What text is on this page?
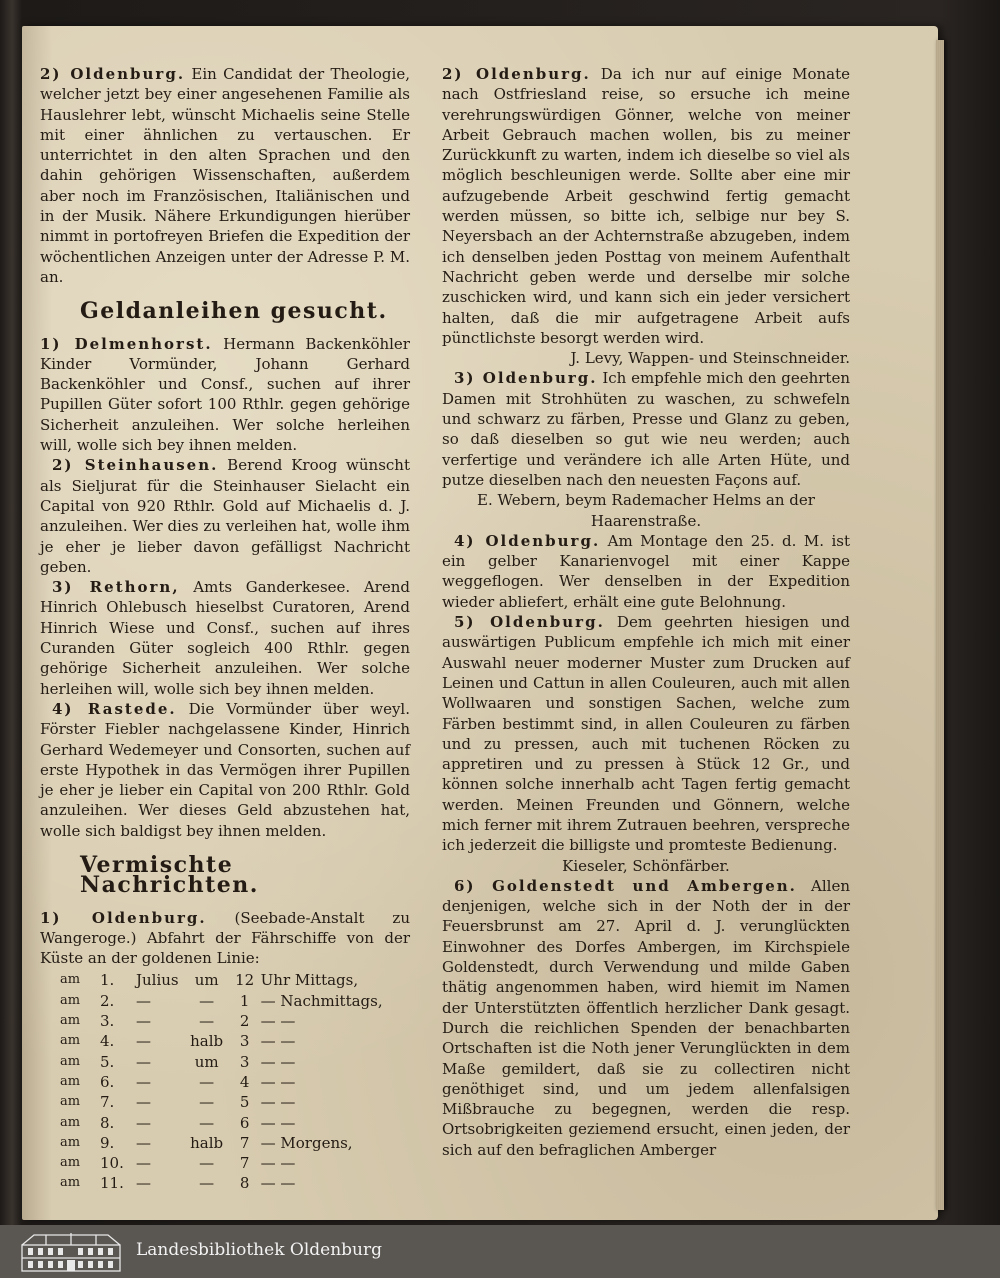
2) Oldenburg. Ein Candidat der Theologie, welcher jetzt bey einer angesehenen Familie als Hauslehrer lebt, wünscht Michaelis seine Stelle mit einer ähnlichen zu vertauschen. Er unterrichtet in den alten Sprachen und den dahin gehörigen Wissenschaften, außerdem aber noch im Französischen, Italiänischen und in der Musik. Nähere Erkundigungen hierüber nimmt in portofreyen Briefen die Expedition der wöchentlichen Anzeigen unter der Adresse P. M. an.

Geldanleihen gesucht.

1) Delmenhorst. Hermann Backenköhler Kinder Vormünder, Johann Gerhard Backenköhler und Consf., suchen auf ihrer Pupillen Güter sofort 100 Rthlr. gegen gehörige Sicherheit anzuleihen. Wer solche herleihen will, wolle sich bey ihnen melden.

2) Steinhausen. Berend Kroog wünscht als Sieljurat für die Steinhauser Sielacht ein Capital von 920 Rthlr. Gold auf Michaelis d. J. anzuleihen. Wer dies zu verleihen hat, wolle ihm je eher je lieber davon gefälligst Nachricht geben.

3) Rethorn, Amts Ganderkesee. Arend Hinrich Ohlebusch hieselbst Curatoren, Arend Hinrich Wiese und Consf., suchen auf ihres Curanden Güter sogleich 400 Rthlr. gegen gehörige Sicherheit anzuleihen. Wer solche herleihen will, wolle sich bey ihnen melden.

4) Rastede. Die Vormünder über weyl. Förster Fiebler nachgelassene Kinder, Hinrich Gerhard Wedemeyer und Consorten, suchen auf erste Hypothek in das Vermögen ihrer Pupillen je eher je lieber ein Capital von 200 Rthlr. Gold anzuleihen. Wer dieses Geld abzustehen hat, wolle sich baldigst bey ihnen melden.

Vermischte Nachrichten.

1) Oldenburg. (Seebade-Anstalt zu Wangeroge.) Abfahrt der Fährschiffe von der Küste an der goldenen Linie:

am	1.	Julius	um	12	Uhr Mittags,
am	2.	—	—	1	— Nachmittags,
am	3.	—	—	2	— —
am	4.	—	halb	3	— —
am	5.	—	um	3	— —
am	6.	—	—	4	— —
am	7.	—	—	5	— —
am	8.	—	—	6	— —
am	9.	—	halb	7	— Morgens,
am	10.	—	—	7	— —
am	11.	—	—	8	— —

2) Oldenburg. Da ich nur auf einige Monate nach Ostfriesland reise, so ersuche ich meine verehrungswürdigen Gönner, welche von meiner Arbeit Gebrauch machen wollen, bis zu meiner Zurückkunft zu warten, indem ich dieselbe so viel als möglich beschleunigen werde. Sollte aber eine mir aufzugebende Arbeit geschwind fertig gemacht werden müssen, so bitte ich, selbige nur bey S. Neyersbach an der Achternstraße abzugeben, indem ich denselben jeden Posttag von meinem Aufenthalt Nachricht geben werde und derselbe mir solche zuschicken wird, und kann sich ein jeder versichert halten, daß die mir aufgetragene Arbeit aufs pünctlichste besorgt werden wird.

J. Levy, Wappen- und Steinschneider.

3) Oldenburg. Ich empfehle mich den geehrten Damen mit Strohhüten zu waschen, zu schwefeln und schwarz zu färben, Presse und Glanz zu geben, so daß dieselben so gut wie neu werden; auch verfertige und verändere ich alle Arten Hüte, und putze dieselben nach den neuesten Façons auf.

E. Webern, beym Rademacher Helms an der Haarenstraße.

4) Oldenburg. Am Montage den 25. d. M. ist ein gelber Kanarienvogel mit einer Kappe weggeflogen. Wer denselben in der Expedition wieder abliefert, erhält eine gute Belohnung.

5) Oldenburg. Dem geehrten hiesigen und auswärtigen Publicum empfehle ich mich mit einer Auswahl neuer moderner Muster zum Drucken auf Leinen und Cattun in allen Couleuren, auch mit allen Wollwaaren und sonstigen Sachen, welche zum Färben bestimmt sind, in allen Couleuren zu färben und zu pressen, auch mit tuchenen Röcken zu appretiren und zu pressen à Stück 12 Gr., und können solche innerhalb acht Tagen fertig gemacht werden. Meinen Freunden und Gönnern, welche mich ferner mit ihrem Zutrauen beehren, verspreche ich jederzeit die billigste und promteste Bedienung.

Kieseler, Schönfärber.

6) Goldenstedt und Ambergen. Allen denjenigen, welche sich in der Noth der in der Feuersbrunst am 27. April d. J. verunglückten Einwohner des Dorfes Ambergen, im Kirchspiele Goldenstedt, durch Verwendung und milde Gaben thätig angenommen haben, wird hiemit im Namen der Unterstützten öffentlich herzlicher Dank gesagt. Durch die reichlichen Spenden der benachbarten Ortschaften ist die Noth jener Verunglückten in dem Maße gemildert, daß sie zu collectiren nicht genöthiget sind, und um jedem allenfalsigen Mißbrauche zu begegnen, werden die resp. Ortsobrigkeiten geziemend ersucht, einen jeden, der sich auf den befraglichen Amberger

Landesbibliothek Oldenburg
